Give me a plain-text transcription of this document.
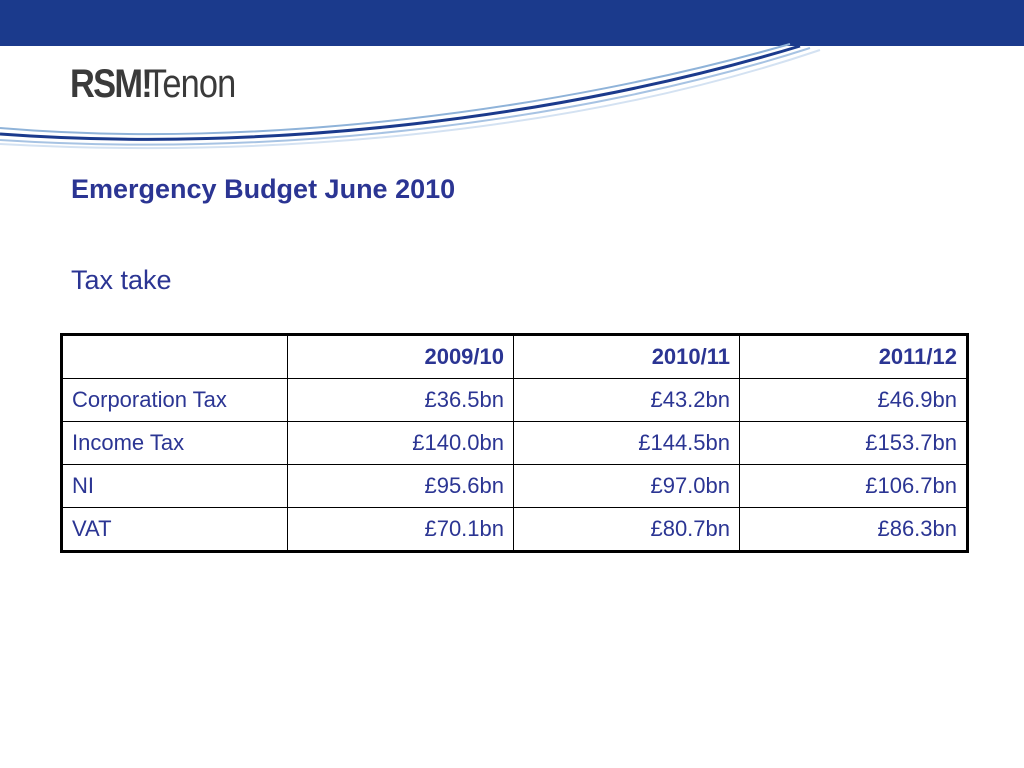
RSM!
Tenon
Emergency Budget June 2010
Tax take
	2009/10	2010/11	2011/12
Corporation Tax	£36.5bn	£43.2bn	£46.9bn
Income Tax	£140.0bn	£144.5bn	£153.7bn
NI	£95.6bn	£97.0bn	£106.7bn
VAT	£70.1bn	£80.7bn	£86.3bn
